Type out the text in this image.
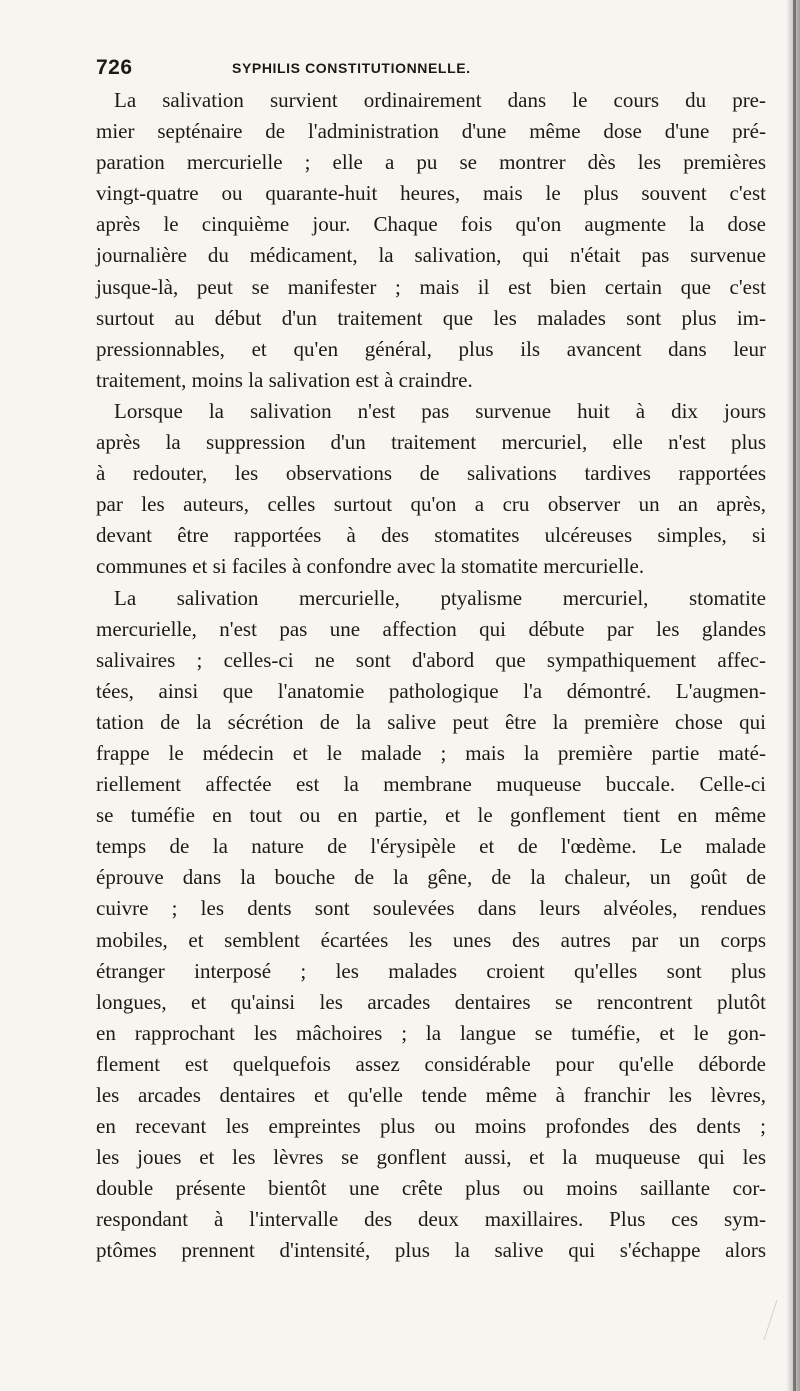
726	SYPHILIS CONSTITUTIONNELLE.
La salivation survient ordinairement dans le cours du pre-
mier septénaire de l'administration d'une même dose d'une pré-
paration mercurielle ; elle a pu se montrer dès les premières
vingt-quatre ou quarante-huit heures, mais le plus souvent c'est
après le cinquième jour. Chaque fois qu'on augmente la dose
journalière du médicament, la salivation, qui n'était pas survenue
jusque-là, peut se manifester ; mais il est bien certain que c'est
surtout au début d'un traitement que les malades sont plus im-
pressionnables, et qu'en général, plus ils avancent dans leur
traitement, moins la salivation est à craindre.
Lorsque la salivation n'est pas survenue huit à dix jours
après la suppression d'un traitement mercuriel, elle n'est plus
à redouter, les observations de salivations tardives rapportées
par les auteurs, celles surtout qu'on a cru observer un an après,
devant être rapportées à des stomatites ulcéreuses simples, si
communes et si faciles à confondre avec la stomatite mercurielle.
La salivation mercurielle, ptyalisme mercuriel, stomatite
mercurielle, n'est pas une affection qui débute par les glandes
salivaires ; celles-ci ne sont d'abord que sympathiquement affec-
tées, ainsi que l'anatomie pathologique l'a démontré. L'augmen-
tation de la sécrétion de la salive peut être la première chose qui
frappe le médecin et le malade ; mais la première partie maté-
riellement affectée est la membrane muqueuse buccale. Celle-ci
se tuméfie en tout ou en partie, et le gonflement tient en même
temps de la nature de l'érysipèle et de l'œdème. Le malade
éprouve dans la bouche de la gêne, de la chaleur, un goût de
cuivre ; les dents sont soulevées dans leurs alvéoles, rendues
mobiles, et semblent écartées les unes des autres par un corps
étranger interposé ; les malades croient qu'elles sont plus
longues, et qu'ainsi les arcades dentaires se rencontrent plutôt
en rapprochant les mâchoires ; la langue se tuméfie, et le gon-
flement est quelquefois assez considérable pour qu'elle déborde
les arcades dentaires et qu'elle tende même à franchir les lèvres,
en recevant les empreintes plus ou moins profondes des dents ;
les joues et les lèvres se gonflent aussi, et la muqueuse qui les
double présente bientôt une crête plus ou moins saillante cor-
respondant à l'intervalle des deux maxillaires. Plus ces sym-
ptômes prennent d'intensité, plus la salive qui s'échappe alors
